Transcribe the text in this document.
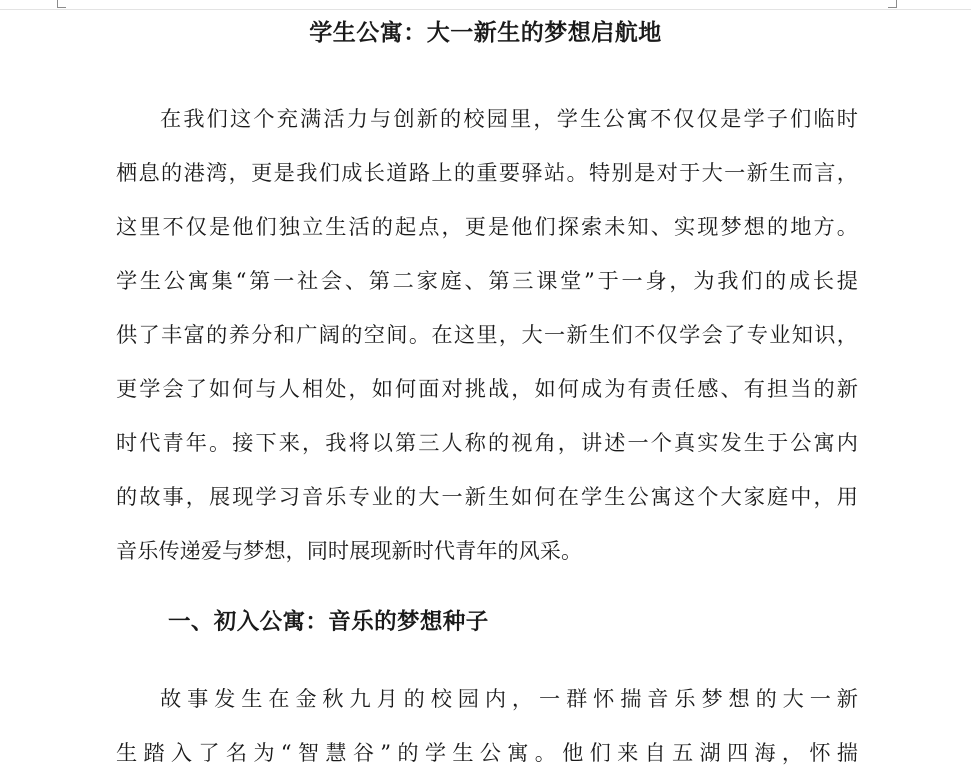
学生公寓：大一新生的梦想启航地
在我们这个充满活力与创新的校园里，学生公寓不仅仅是学子们临时
栖息的港湾，更是我们成长道路上的重要驿站。特别是对于大一新生而言，
这里不仅是他们独立生活的起点，更是他们探索未知、实现梦想的地方。
学生公寓集“第一社会、第二家庭、第三课堂”于一身，为我们的成长提
供了丰富的养分和广阔的空间。在这里，大一新生们不仅学会了专业知识，
更学会了如何与人相处，如何面对挑战，如何成为有责任感、有担当的新
时代青年。接下来，我将以第三人称的视角，讲述一个真实发生于公寓内
的故事，展现学习音乐专业的大一新生如何在学生公寓这个大家庭中，用
音乐传递爱与梦想，同时展现新时代青年的风采。
一、初入公寓：音乐的梦想种子
故事发生在金秋九月的校园内，一群怀揣音乐梦想的大一新
生踏入了名为“智慧谷”的学生公寓。他们来自五湖四海，怀揣
